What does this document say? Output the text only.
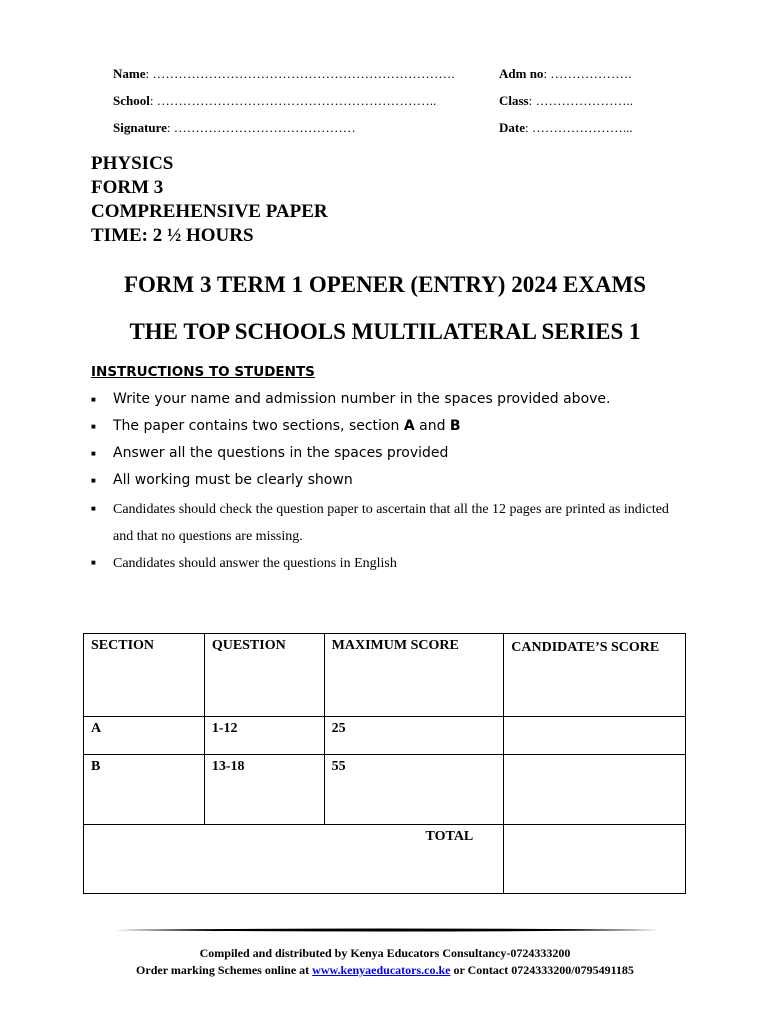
Name: …………………………………………………………….	Adm no: ……………….
School: ………………………………………………………..	Class: …………………..
Signature: ……………………………………	Date: …………………...
PHYSICS
FORM 3
COMPREHENSIVE PAPER
TIME: 2 ½ HOURS
FORM 3 TERM 1 OPENER (ENTRY) 2024 EXAMS
THE TOP SCHOOLS MULTILATERAL SERIES 1
INSTRUCTIONS TO STUDENTS
■ Write your name and admission number in the spaces provided above.
■ The paper contains two sections, section A and B
■ Answer all the questions in the spaces provided
■ All working must be clearly shown
■ Candidates should check the question paper to ascertain that all the 12 pages are printed as indicted and that no questions are missing.
■ Candidates should answer the questions in English
SECTION	QUESTION	MAXIMUM SCORE	CANDIDATE’S SCORE
A	1-12	25	
B	13-18	55	
TOTAL			
Compiled and distributed by Kenya Educators Consultancy-0724333200
Order marking Schemes online at www.kenyaeducators.co.ke or Contact 0724333200/0795491185
